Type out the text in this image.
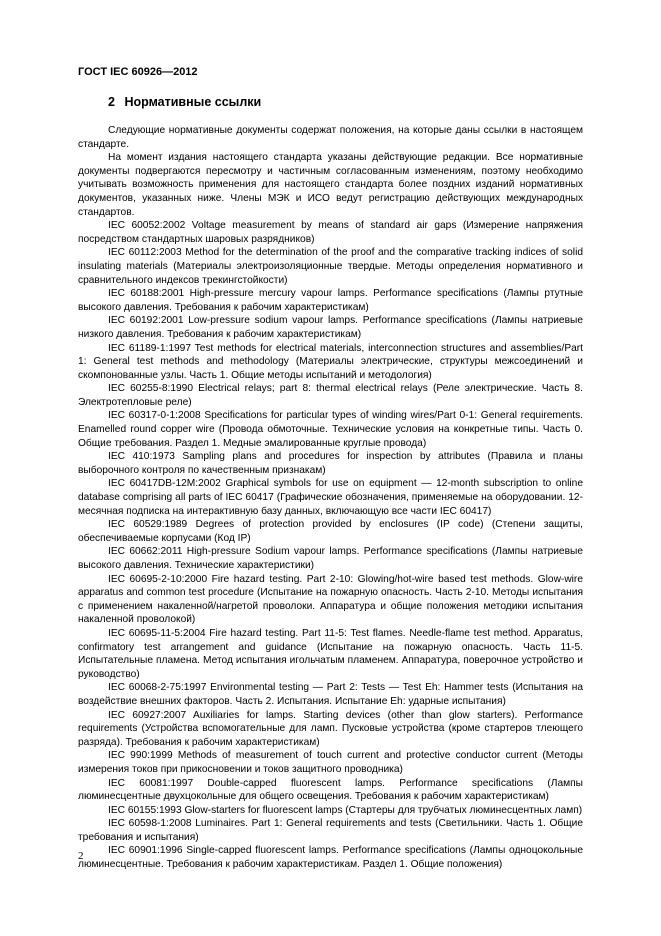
ГОСТ IEC 60926—2012
2 Нормативные ссылки

Следующие нормативные документы содержат положения, на которые даны ссылки в настоящем стандарте.

На момент издания настоящего стандарта указаны действующие редакции. Все нормативные документы подвергаются пересмотру и частичным согласованным изменениям, поэтому необходимо учитывать возможность применения для настоящего стандарта более поздних изданий нормативных документов, указанных ниже. Члены МЭК и ИСО ведут регистрацию действующих международных стандартов.

IEC 60052:2002 Voltage measurement by means of standard air gaps (Измерение напряжения посредством стандартных шаровых разрядников)

IEC 60112:2003 Method for the determination of the proof and the comparative tracking indices of solid insulating materials (Материалы электроизоляционные твердые. Методы определения нормативного и сравнительного индексов трекингстойкости)

IEC 60188:2001 High-pressure mercury vapour lamps. Performance specifications (Лампы ртутные высокого давления. Требования к рабочим характеристикам)

IEC 60192:2001 Low-pressure sodium vapour lamps. Performance specifications (Лампы натриевые низкого давления. Требования к рабочим характеристикам)

IEC 61189-1:1997 Test methods for electrical materials, interconnection structures and assemblies/Part 1: General test methods and methodology (Материалы электрические, структуры межсоединений и скомпонованные узлы. Часть 1. Общие методы испытаний и методология)

IEC 60255-8:1990 Electrical relays; part 8: thermal electrical relays (Реле электрические. Часть 8. Электротепловые реле)

IEC 60317-0-1:2008 Specifications for particular types of winding wires/Part 0-1: General requirements. Enamelled round copper wire (Провода обмоточные. Технические условия на конкретные типы. Часть 0. Общие требования. Раздел 1. Медные эмалированные круглые провода)

IEC 410:1973 Sampling plans and procedures for inspection by attributes (Правила и планы выборочного контроля по качественным признакам)

IEC 60417DB-12M:2002 Graphical symbols for use on equipment — 12-month subscription to online database comprising all parts of IEC 60417 (Графические обозначения, применяемые на оборудовании. 12-месячная подписка на интерактивную базу данных, включающую все части IEC 60417)

IEC 60529:1989 Degrees of protection provided by enclosures (IP code) (Степени защиты, обеспечиваемые корпусами (Код IP)

IEC 60662:2011 High-pressure Sodium vapour lamps. Performance specifications (Лампы натриевые высокого давления. Технические характеристики)

IEC 60695-2-10:2000 Fire hazard testing. Part 2-10: Glowing/hot-wire based test methods. Glow-wire apparatus and common test procedure (Испытание на пожарную опасность. Часть 2-10. Методы испытания с применением накаленной/нагретой проволоки. Аппаратура и общие положения методики испытания накаленной проволокой)

IEC 60695-11-5:2004 Fire hazard testing. Part 11-5: Test flames. Needle-flame test method. Apparatus, confirmatory test arrangement and guidance (Испытание на пожарную опасность. Часть 11-5. Испытательные пламена. Метод испытания игольчатым пламенем. Аппаратура, поверочное устройство и руководство)

IEC 60068-2-75:1997 Environmental testing — Part 2: Tests — Test Eh: Hammer tests (Испытания на воздействие внешних факторов. Часть 2. Испытания. Испытание Eh: ударные испытания)

IEC 60927:2007 Auxiliaries for lamps. Starting devices (other than glow starters). Performance requirements (Устройства вспомогательные для ламп. Пусковые устройства (кроме стартеров тлеющего разряда). Требования к рабочим характеристикам)

IEC 990:1999 Methods of measurement of touch current and protective conductor current (Методы измерения токов при прикосновении и токов защитного проводника)

IEC 60081:1997 Double-capped fluorescent lamps. Performance specifications (Лампы люминесцентные двухцокольные для общего освещения. Требования к рабочим характеристикам)

IEC 60155:1993 Glow-starters for fluorescent lamps (Стартеры для трубчатых люминесцентных ламп)

IEC 60598-1:2008 Luminaires. Part 1: General requirements and tests (Светильники. Часть 1. Общие требования и испытания)

IEC 60901:1996 Single-capped fluorescent lamps. Performance specifications (Лампы одноцокольные люминесцентные. Требования к рабочим характеристикам. Раздел 1. Общие положения)

2
